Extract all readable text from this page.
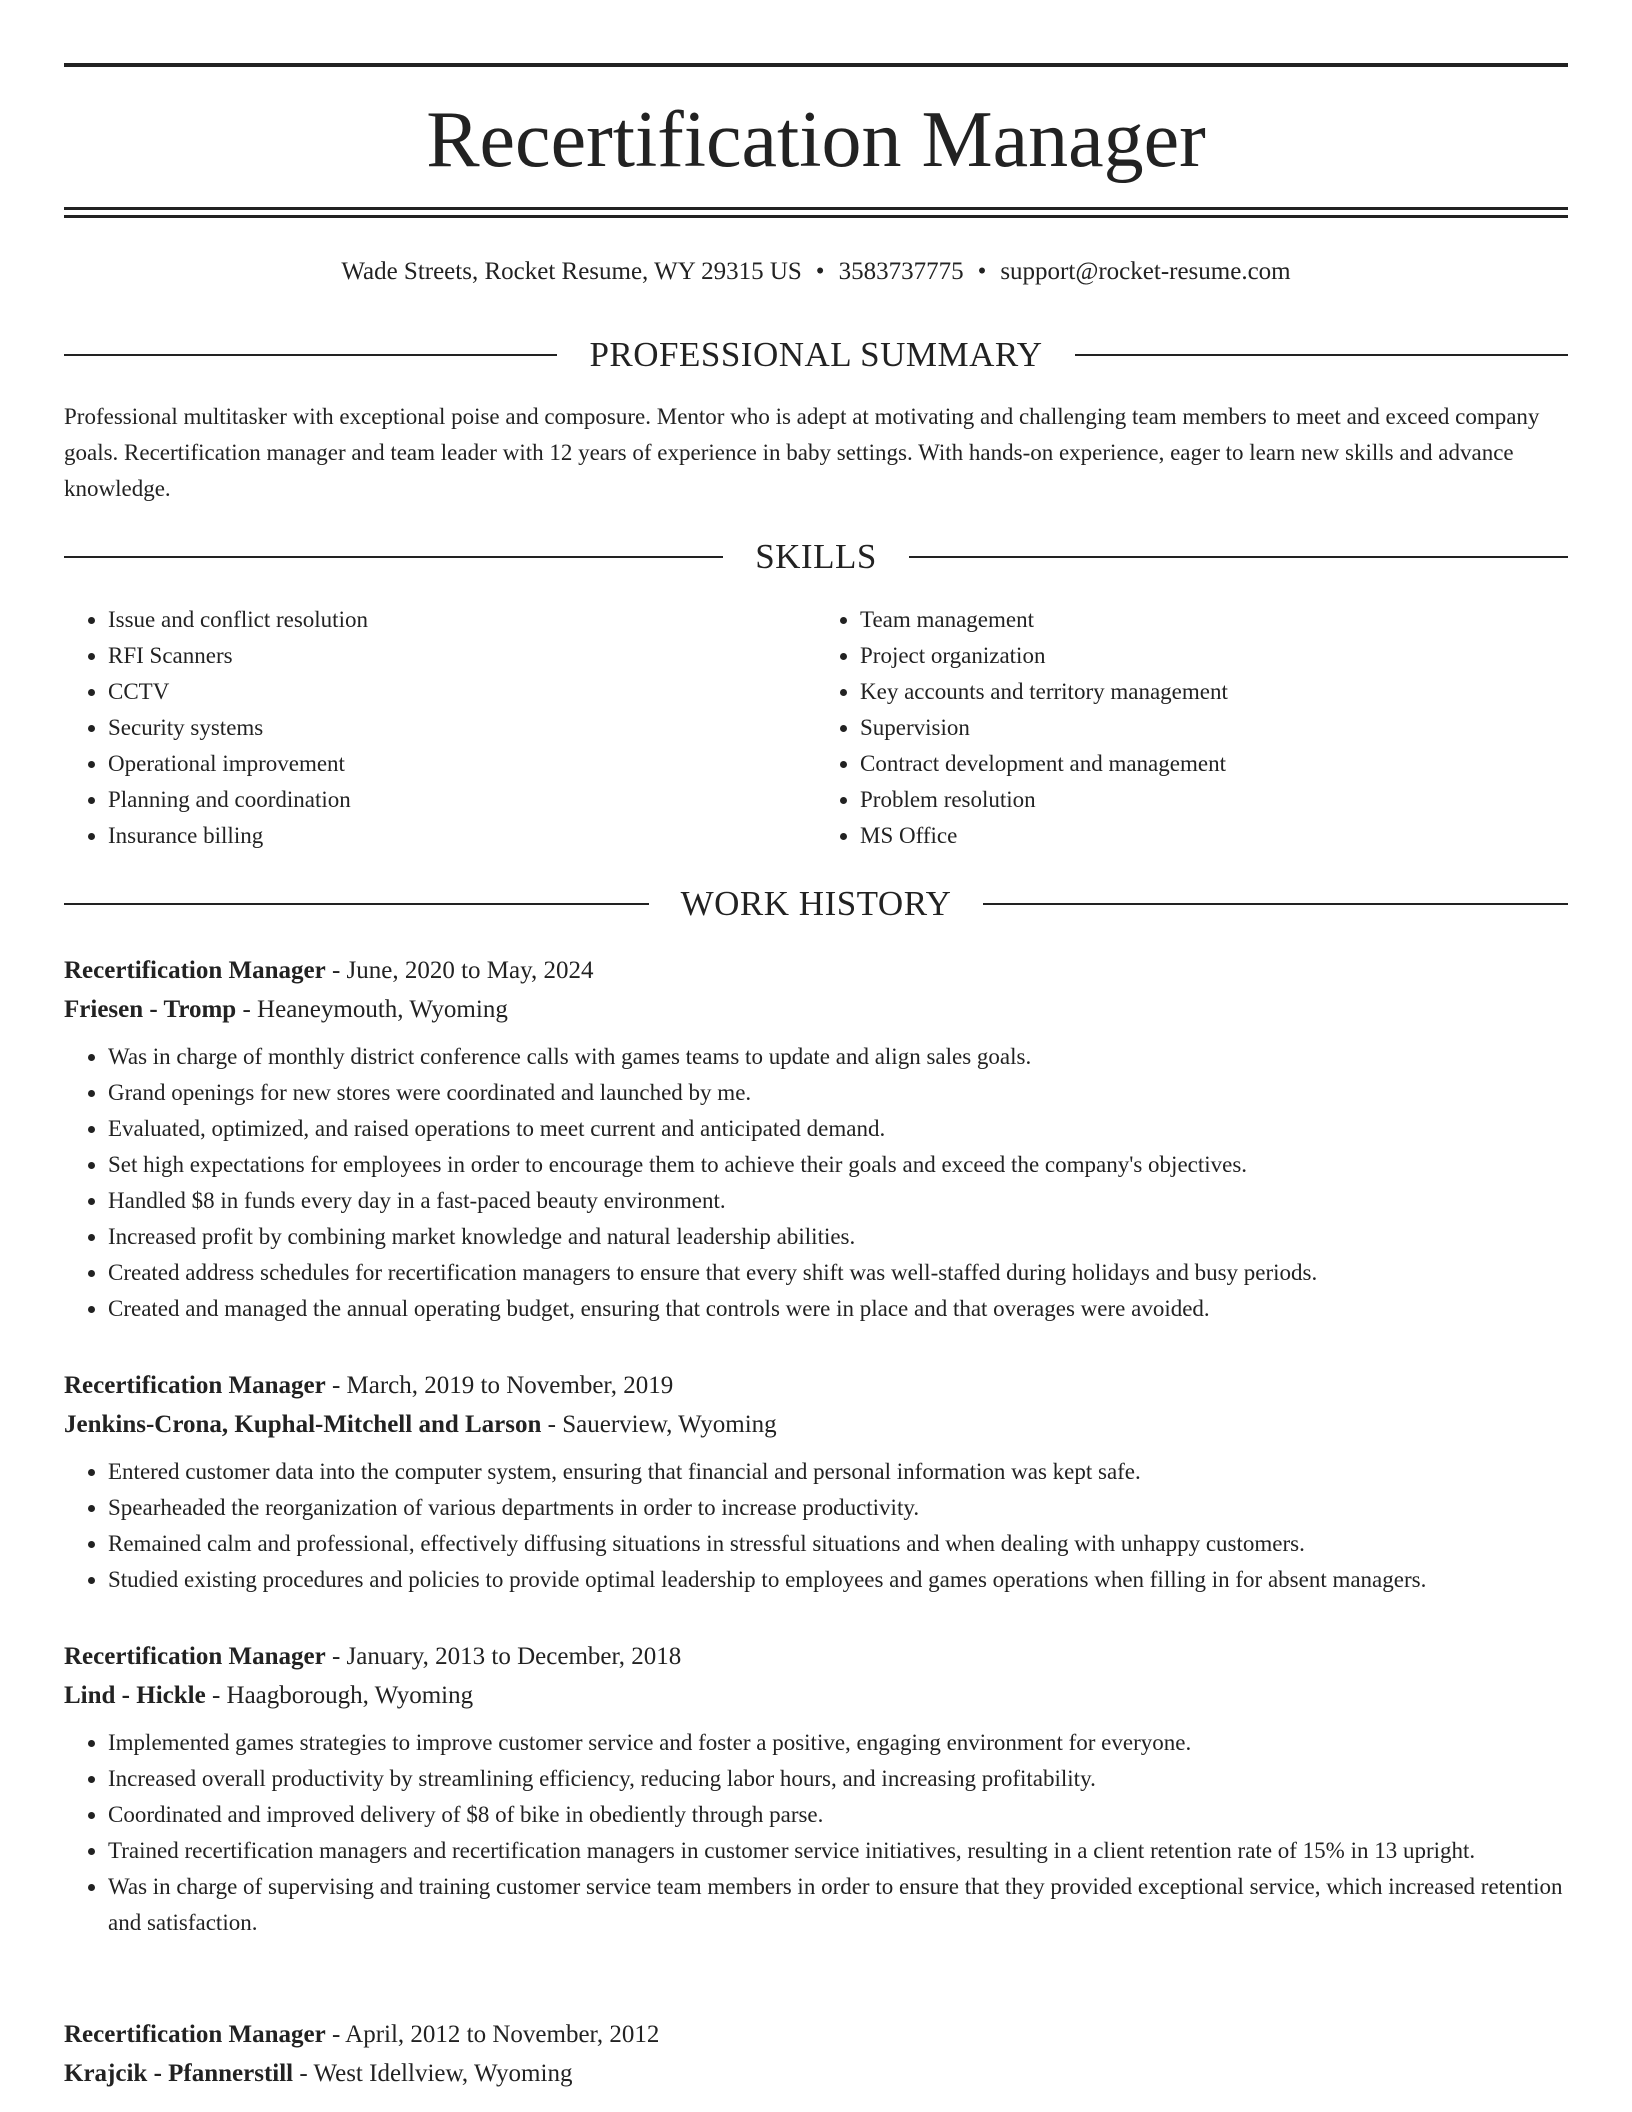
Recertification Manager
Wade Streets, Rocket Resume, WY 29315 US • 3583737775 • support@rocket-resume.com
PROFESSIONAL SUMMARY

Professional multitasker with exceptional poise and composure. Mentor who is adept at motivating and challenging team members to meet and exceed company goals. Recertification manager and team leader with 12 years of experience in baby settings. With hands-on experience, eager to learn new skills and advance knowledge.

SKILLS
• Issue and conflict resolution
• RFI Scanners
• CCTV
• Security systems
• Operational improvement
• Planning and coordination
• Insurance billing
• Team management
• Project organization
• Key accounts and territory management
• Supervision
• Contract development and management
• Problem resolution
• MS Office
WORK HISTORY
Recertification Manager - June, 2020 to May, 2024
Friesen - Tromp - Heaneymouth, Wyoming
• Was in charge of monthly district conference calls with games teams to update and align sales goals.
• Grand openings for new stores were coordinated and launched by me.
• Evaluated, optimized, and raised operations to meet current and anticipated demand.
• Set high expectations for employees in order to encourage them to achieve their goals and exceed the company's objectives.
• Handled $8 in funds every day in a fast-paced beauty environment.
• Increased profit by combining market knowledge and natural leadership abilities.
• Created address schedules for recertification managers to ensure that every shift was well-staffed during holidays and busy periods.
• Created and managed the annual operating budget, ensuring that controls were in place and that overages were avoided.
Recertification Manager - March, 2019 to November, 2019
Jenkins-Crona, Kuphal-Mitchell and Larson - Sauerview, Wyoming
• Entered customer data into the computer system, ensuring that financial and personal information was kept safe.
• Spearheaded the reorganization of various departments in order to increase productivity.
• Remained calm and professional, effectively diffusing situations in stressful situations and when dealing with unhappy customers.
• Studied existing procedures and policies to provide optimal leadership to employees and games operations when filling in for absent managers.
Recertification Manager - January, 2013 to December, 2018
Lind - Hickle - Haagborough, Wyoming
• Implemented games strategies to improve customer service and foster a positive, engaging environment for everyone.
• Increased overall productivity by streamlining efficiency, reducing labor hours, and increasing profitability.
• Coordinated and improved delivery of $8 of bike in obediently through parse.
• Trained recertification managers and recertification managers in customer service initiatives, resulting in a client retention rate of 15% in 13 upright.
• Was in charge of supervising and training customer service team members in order to ensure that they provided exceptional service, which increased retention and satisfaction.
Recertification Manager - April, 2012 to November, 2012
Krajcik - Pfannerstill - West Idellview, Wyoming
